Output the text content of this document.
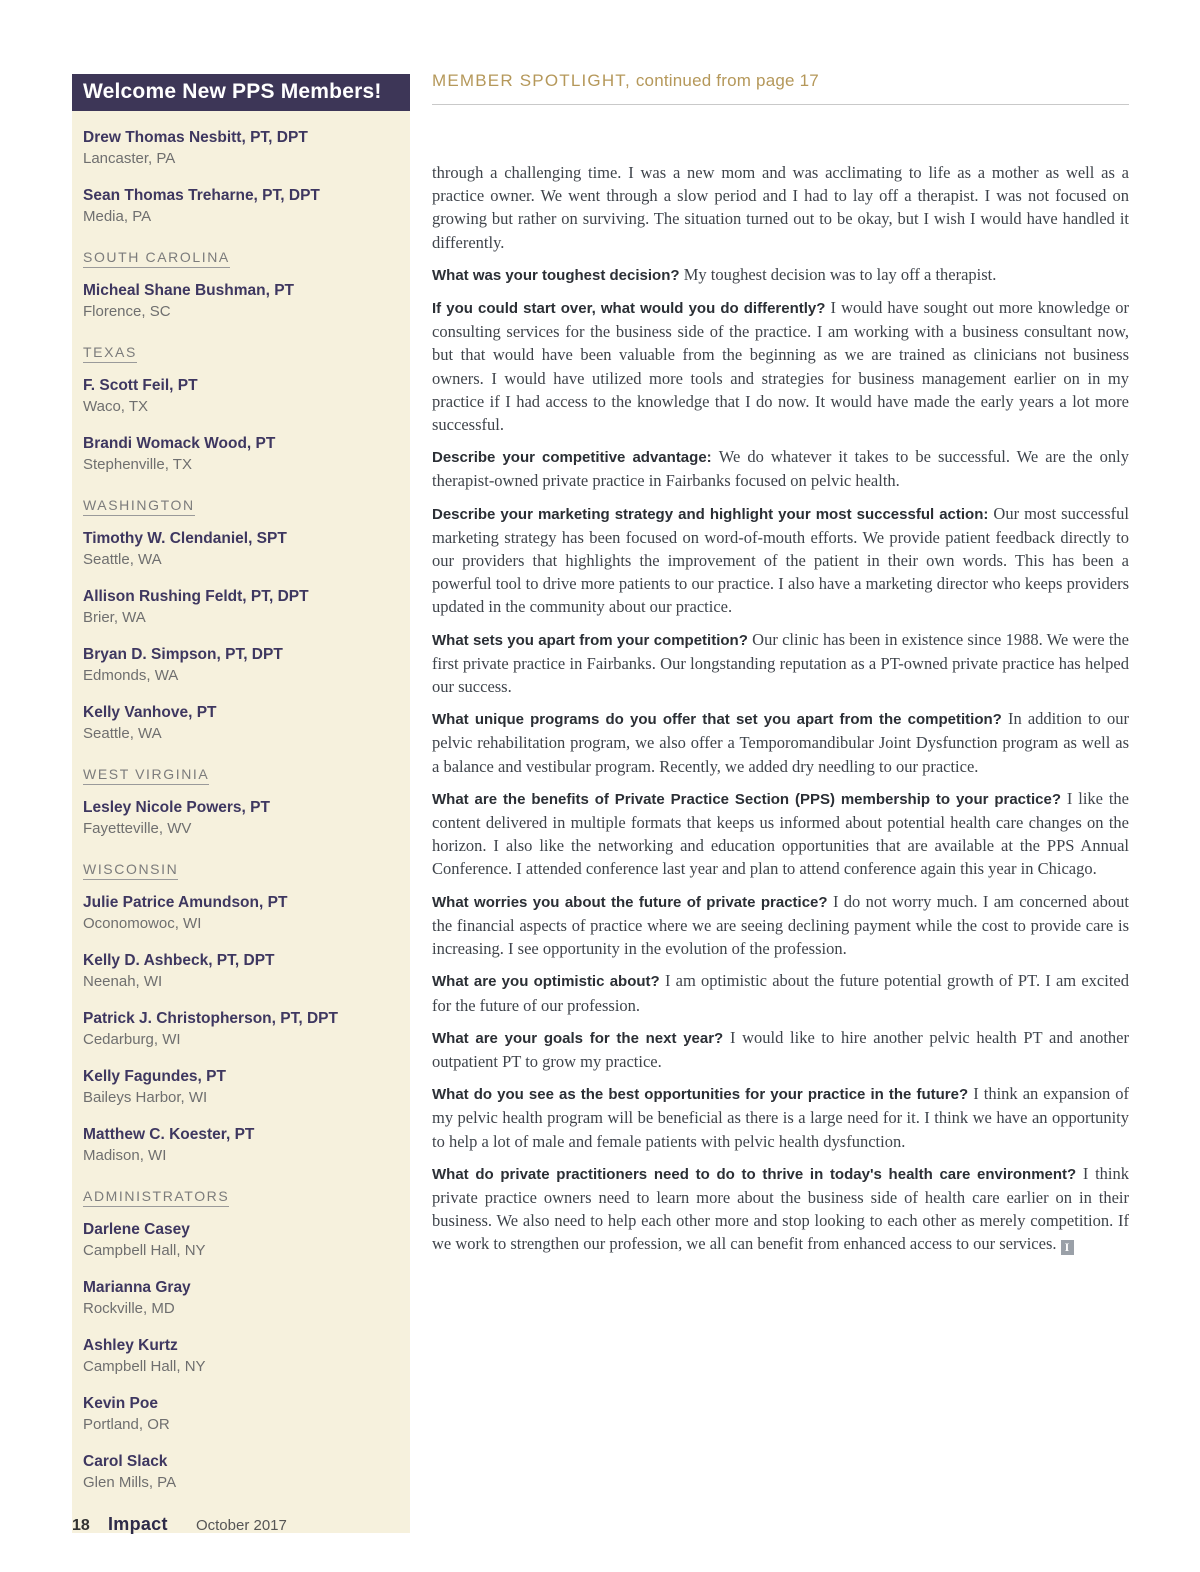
Welcome New PPS Members!
Drew Thomas Nesbitt, PT, DPT
Lancaster, PA
Sean Thomas Treharne, PT, DPT
Media, PA
SOUTH CAROLINA
Micheal Shane Bushman, PT
Florence, SC
TEXAS
F. Scott Feil, PT
Waco, TX
Brandi Womack Wood, PT
Stephenville, TX
WASHINGTON
Timothy W. Clendaniel, SPT
Seattle, WA
Allison Rushing Feldt, PT, DPT
Brier, WA
Bryan D. Simpson, PT, DPT
Edmonds, WA
Kelly Vanhove, PT
Seattle, WA
WEST VIRGINIA
Lesley Nicole Powers, PT
Fayetteville, WV
WISCONSIN
Julie Patrice Amundson, PT
Oconomowoc, WI
Kelly D. Ashbeck, PT, DPT
Neenah, WI
Patrick J. Christopherson, PT, DPT
Cedarburg, WI
Kelly Fagundes, PT
Baileys Harbor, WI
Matthew C. Koester, PT
Madison, WI
ADMINISTRATORS
Darlene Casey
Campbell Hall, NY
Marianna Gray
Rockville, MD
Ashley Kurtz
Campbell Hall, NY
Kevin Poe
Portland, OR
Carol Slack
Glen Mills, PA
MEMBER SPOTLIGHT, continued from page 17

through a challenging time. I was a new mom and was acclimating to life as a mother as well as a practice owner. We went through a slow period and I had to lay off a therapist. I was not focused on growing but rather on surviving. The situation turned out to be okay, but I wish I would have handled it differently.

What was your toughest decision? My toughest decision was to lay off a therapist.

If you could start over, what would you do differently? I would have sought out more knowledge or consulting services for the business side of the practice. I am working with a business consultant now, but that would have been valuable from the beginning as we are trained as clinicians not business owners. I would have utilized more tools and strategies for business management earlier on in my practice if I had access to the knowledge that I do now. It would have made the early years a lot more successful.

Describe your competitive advantage: We do whatever it takes to be successful. We are the only therapist-owned private practice in Fairbanks focused on pelvic health.

Describe your marketing strategy and highlight your most successful action: Our most successful marketing strategy has been focused on word-of-mouth efforts. We provide patient feedback directly to our providers that highlights the improvement of the patient in their own words. This has been a powerful tool to drive more patients to our practice. I also have a marketing director who keeps providers updated in the community about our practice.

What sets you apart from your competition? Our clinic has been in existence since 1988. We were the first private practice in Fairbanks. Our longstanding reputation as a PT-owned private practice has helped our success.

What unique programs do you offer that set you apart from the competition? In addition to our pelvic rehabilitation program, we also offer a Temporomandibular Joint Dysfunction program as well as a balance and vestibular program. Recently, we added dry needling to our practice.

What are the benefits of Private Practice Section (PPS) membership to your practice? I like the content delivered in multiple formats that keeps us informed about potential health care changes on the horizon. I also like the networking and education opportunities that are available at the PPS Annual Conference. I attended conference last year and plan to attend conference again this year in Chicago.

What worries you about the future of private practice? I do not worry much. I am concerned about the financial aspects of practice where we are seeing declining payment while the cost to provide care is increasing. I see opportunity in the evolution of the profession.

What are you optimistic about? I am optimistic about the future potential growth of PT. I am excited for the future of our profession.

What are your goals for the next year? I would like to hire another pelvic health PT and another outpatient PT to grow my practice.

What do you see as the best opportunities for your practice in the future? I think an expansion of my pelvic health program will be beneficial as there is a large need for it. I think we have an opportunity to help a lot of male and female patients with pelvic health dysfunction.

What do private practitioners need to do to thrive in today's health care environment? I think private practice owners need to learn more about the business side of health care earlier on in their business. We also need to help each other more and stop looking to each other as merely competition. If we work to strengthen our profession, we all can benefit from enhanced access to our services. I

18 Impact October 2017
